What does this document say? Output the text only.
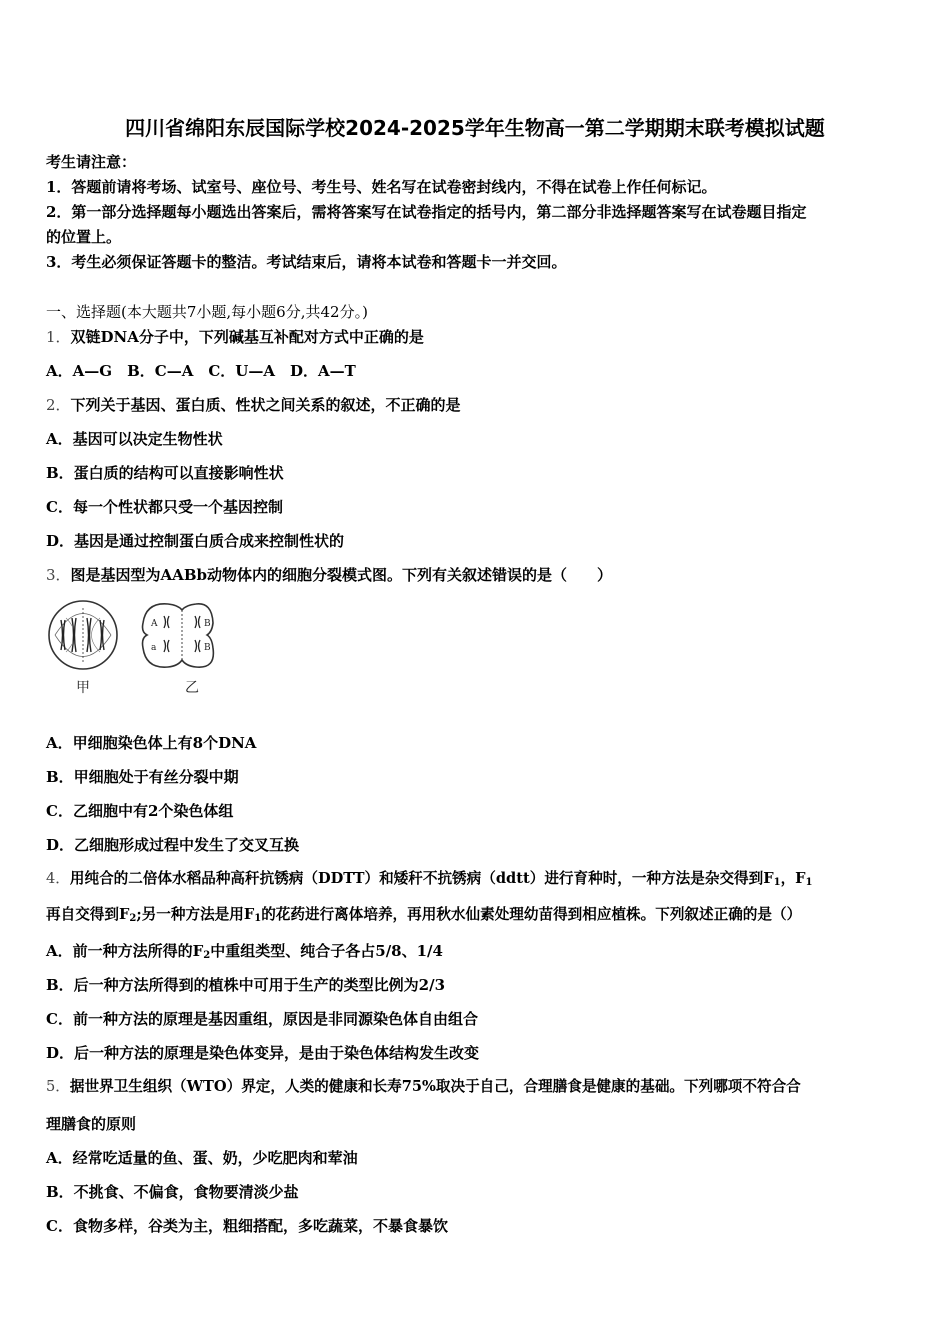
四川省绵阳东辰国际学校2024-2025学年生物高一第二学期期末联考模拟试题
考生请注意：
1．答题前请将考场、试室号、座位号、考生号、姓名写在试卷密封线内，不得在试卷上作任何标记。
2．第一部分选择题每小题选出答案后，需将答案写在试卷指定的括号内，第二部分非选择题答案写在试卷题目指定
的位置上。
3．考生必须保证答题卡的整洁。考试结束后，请将本试卷和答题卡一并交回。
一、选择题(本大题共7小题,每小题6分,共42分。)
1．双链DNA分子中，下列碱基互补配对方式中正确的是
A．A—G　B．C—A　C．U—A　D．A—T
2．下列关于基因、蛋白质、性状之间关系的叙述，不正确的是
A．基因可以决定生物性状
B．蛋白质的结构可以直接影响性状
C．每一个性状都只受一个基因控制
D．基因是通过控制蛋白质合成来控制性状的
3．图是基因型为AABb动物体内的细胞分裂模式图。下列有关叙述错误的是（　　）
A	B
a	B
甲	乙
A．甲细胞染色体上有8个DNA
B．甲细胞处于有丝分裂中期
C．乙细胞中有2个染色体组
D．乙细胞形成过程中发生了交叉互换
4．用纯合的二倍体水稻品种高秆抗锈病（DDTT）和矮秆不抗锈病（ddtt）进行育种时，一种方法是杂交得到$F_1$，$F_1$
再自交得到$F_2$;另一种方法是用$F_1$的花药进行离体培养，再用秋水仙素处理幼苗得到相应植株。下列叙述正确的是（）
A．前一种方法所得的$F_2$中重组类型、纯合子各占5/8、1/4
B．后一种方法所得到的植株中可用于生产的类型比例为2/3
C．前一种方法的原理是基因重组，原因是非同源染色体自由组合
D．后一种方法的原理是染色体变异，是由于染色体结构发生改变
5．据世界卫生组织（WTO）界定，人类的健康和长寿75%取决于自己，合理膳食是健康的基础。下列哪项不符合合
理膳食的原则
A．经常吃适量的鱼、蛋、奶，少吃肥肉和荤油
B．不挑食、不偏食，食物要清淡少盐
C．食物多样，谷类为主，粗细搭配，多吃蔬菜，不暴食暴饮
